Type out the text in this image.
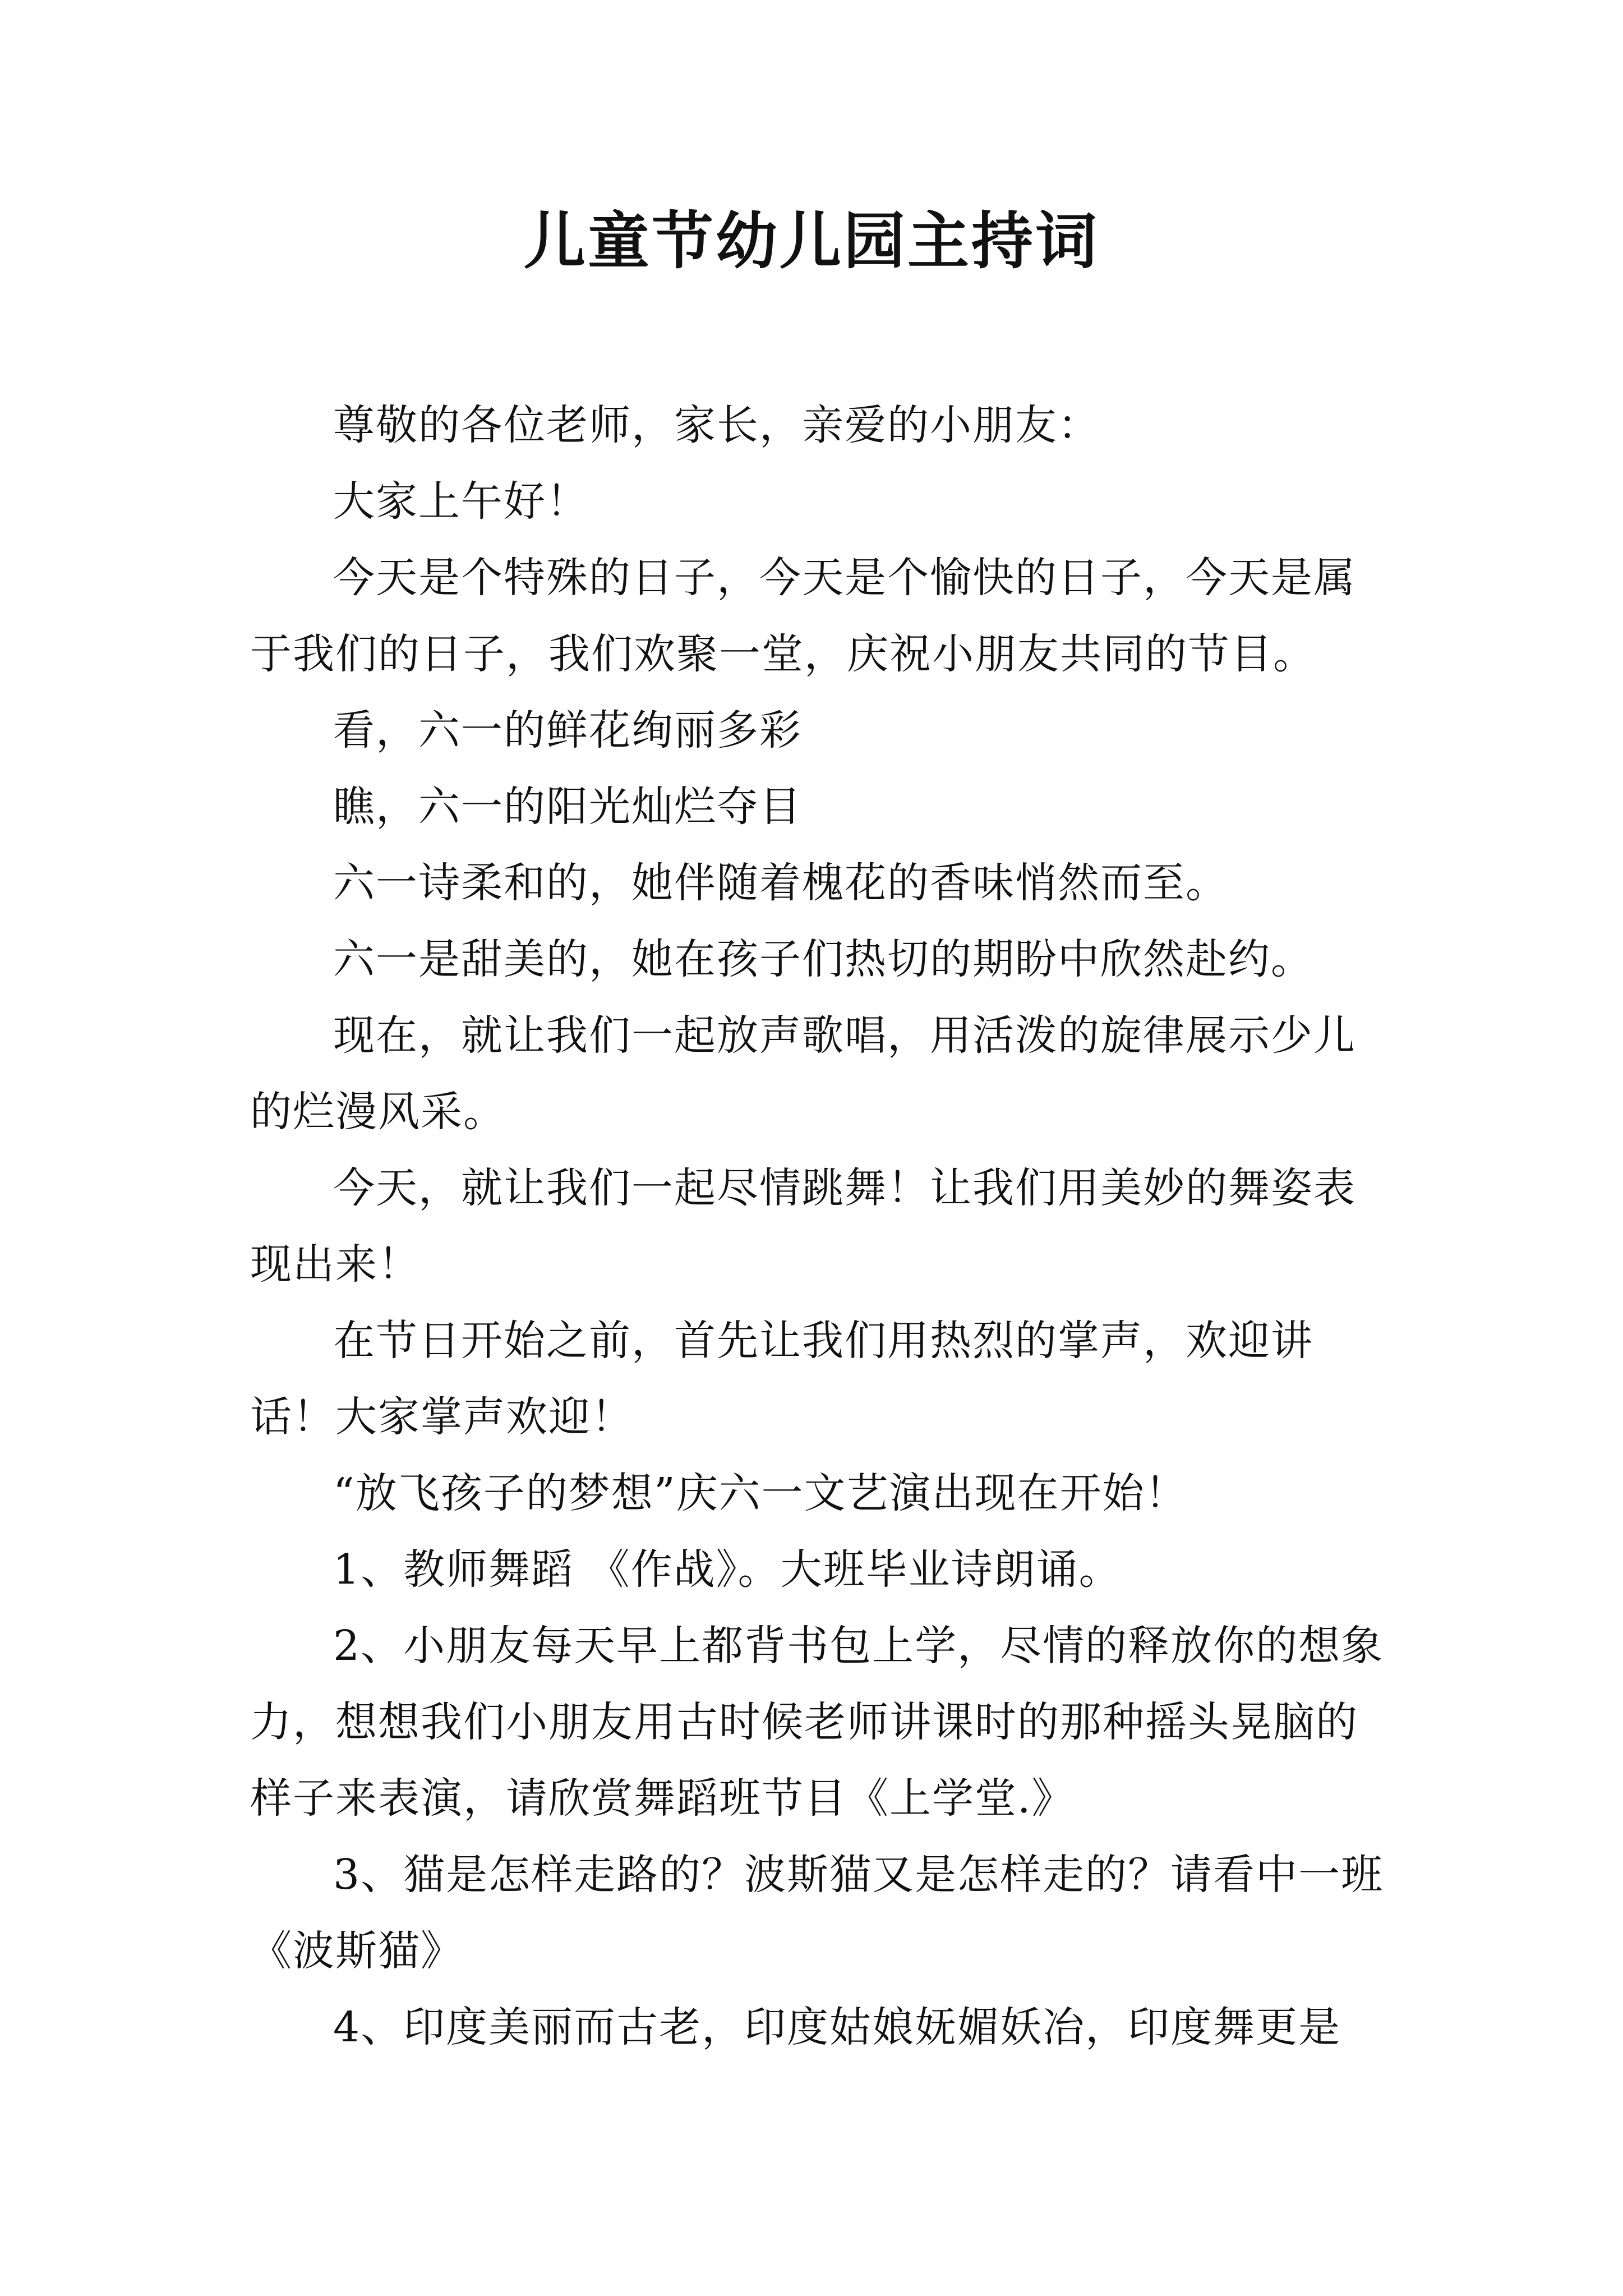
儿童节幼儿园主持词

尊敬的各位老师，家长，亲爱的小朋友：

大家上午好！

今天是个特殊的日子，今天是个愉快的日子，今天是属于我们的日子，我们欢聚一堂，庆祝小朋友共同的节目。

看，六一的鲜花绚丽多彩

瞧，六一的阳光灿烂夺目

六一诗柔和的，她伴随着槐花的香味悄然而至。

六一是甜美的，她在孩子们热切的期盼中欣然赴约。

现在，就让我们一起放声歌唱，用活泼的旋律展示少儿的烂漫风采。

今天，就让我们一起尽情跳舞！让我们用美妙的舞姿表现出来！

在节日开始之前，首先让我们用热烈的掌声，欢迎讲话！大家掌声欢迎！

“放飞孩子的梦想”庆六一文艺演出现在开始！

1、教师舞蹈 《作战》。大班毕业诗朗诵。

2、小朋友每天早上都背书包上学，尽情的释放你的想象力，想想我们小朋友用古时候老师讲课时的那种摇头晃脑的样子来表演，请欣赏舞蹈班节目《上学堂.》

3、猫是怎样走路的？波斯猫又是怎样走的？请看中一班《波斯猫》

4、印度美丽而古老，印度姑娘妩媚妖冶，印度舞更是
